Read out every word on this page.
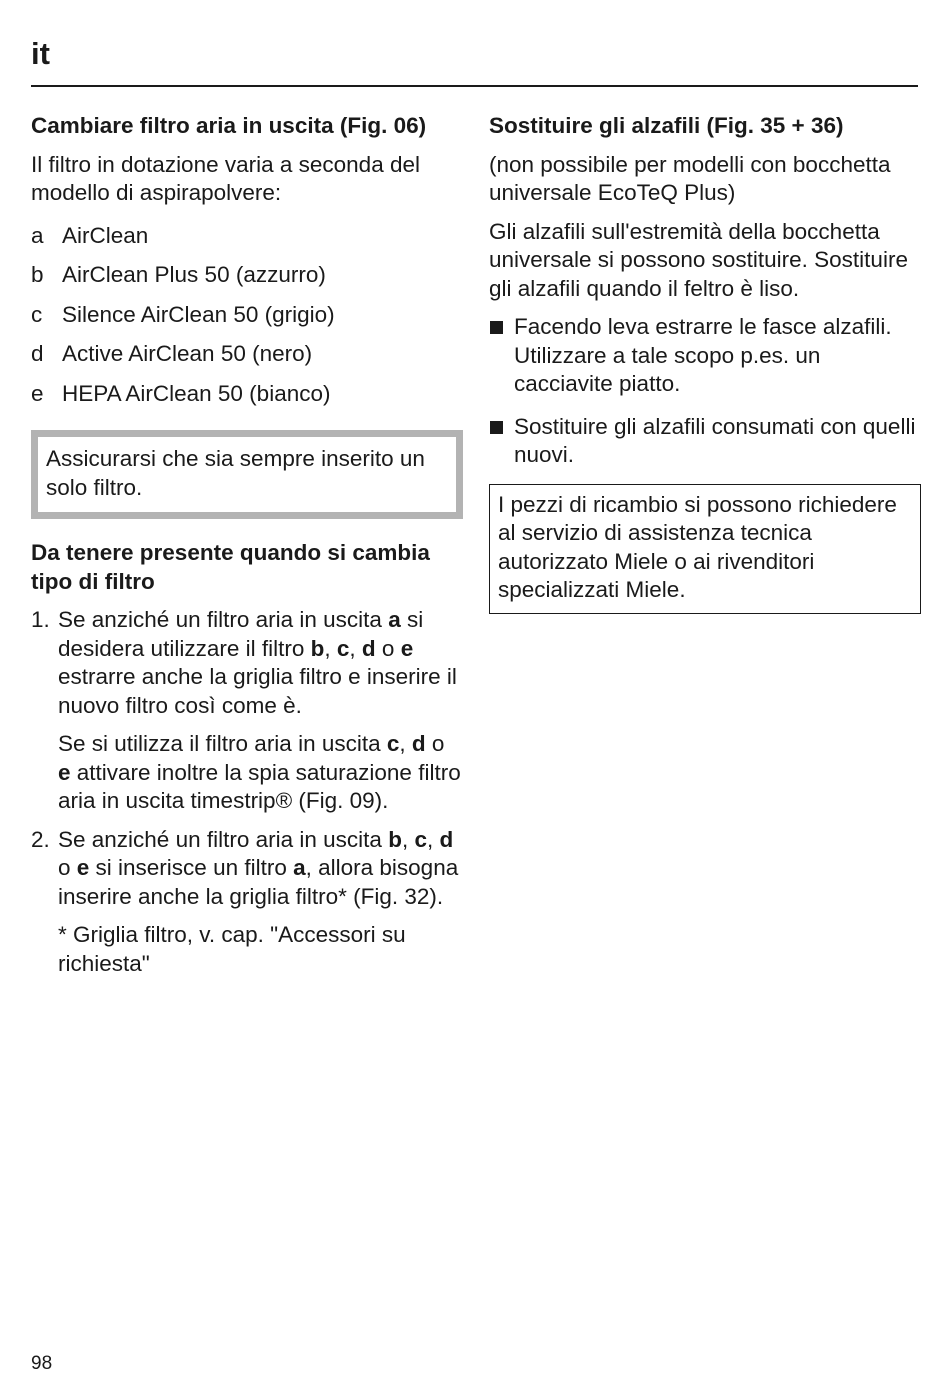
it
Cambiare filtro aria in uscita (Fig. 06)

Il filtro in dotazione varia a seconda del modello di aspirapolvere:

a AirClean
b AirClean Plus 50 (azzurro)
c Silence AirClean 50 (grigio)
d Active AirClean 50 (nero)
e HEPA AirClean 50 (bianco)
Assicurarsi che sia sempre inserito un solo filtro.
Da tenere presente quando si cambia tipo di filtro
1. Se anziché un filtro aria in uscita a si desidera utilizzare il filtro b, c, d o e estrarre anche la griglia filtro e inserire il nuovo filtro così come è.

Se si utilizza il filtro aria in uscita c, d o e attivare inoltre la spia saturazione filtro aria in uscita timestrip® (Fig. 09).

2. Se anziché un filtro aria in uscita b, c, d o e si inserisce un filtro a, allora bisogna inserire anche la griglia filtro* (Fig. 32).

* Griglia filtro, v. cap. "Accessori su richiesta"

Sostituire gli alzafili (Fig. 35 + 36)

(non possibile per modelli con bocchetta universale EcoTeQ Plus)

Gli alzafili sull'estremità della bocchetta universale si possono sostituire. Sostituire gli alzafili quando il feltro è liso.

Facendo leva estrarre le fasce alzafili. Utilizzare a tale scopo p.es. un cacciavite piatto.
Sostituire gli alzafili consumati con quelli nuovi.
I pezzi di ricambio si possono richiedere al servizio di assistenza tecnica autorizzato Miele o ai rivenditori specializzati Miele.
98
